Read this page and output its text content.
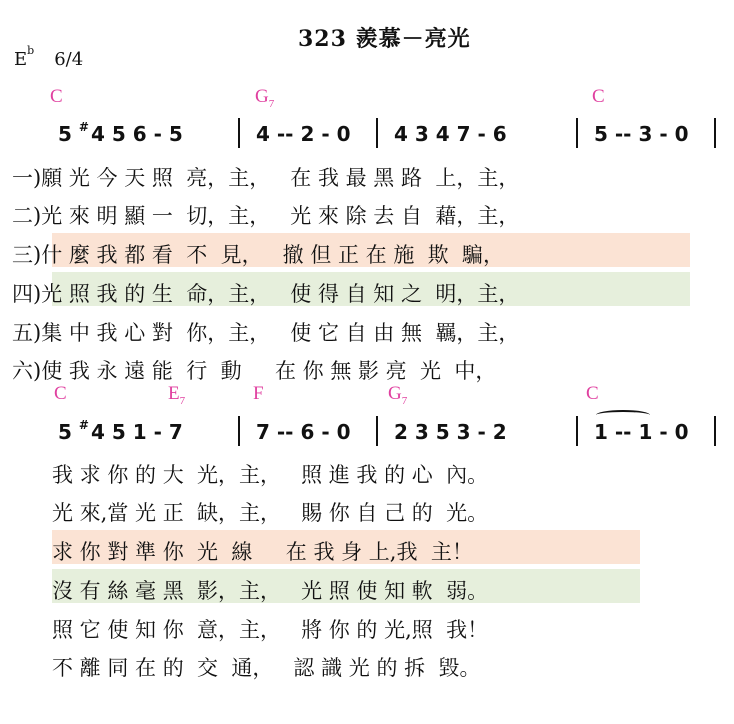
323 羨慕－亮光
$E^b$ 6/4
C	$G_7$	C
5 # 4 5 6 - 5	4 -- 2 - 0 4 3 4 7 - 6	5 -- 3 - 0
一)願 光 今 天 照  亮，主，   在 我 最 黑 路  上，主，
二)光 來 明 顯 一  切，主，   光 來 除 去 自  藉，主，
三)什 麼 我 都 看  不  見，   撤 但 正 在 施  欺  騙，
四)光 照 我 的 生  命，主，   使 得 自 知 之  明，主，
五)集 中 我 心 對  你，主，   使 它 自 由 無  羈，主，
六)使 我 永 遠 能  行  動     在 你 無 影 亮  光  中，
C	$E_7$	F	$G_7$	C
5 # 4 5 1 - 7	7 -- 6 - 0 2 3 5 3 - 2	1 -- 1 - 0
我 求 你 的 大  光，主，   照 進 我 的 心  內。
光 來,當 光 正  缺，主，   賜 你 自 己 的  光。
求 你 對 準 你  光  線     在 我 身 上,我  主！
沒 有 絲 毫 黑  影，主，   光 照 使 知 軟  弱。
照 它 使 知 你  意，主，   將 你 的 光,照  我！
不 離 同 在 的  交  通，   認 識 光 的 拆  毀。
